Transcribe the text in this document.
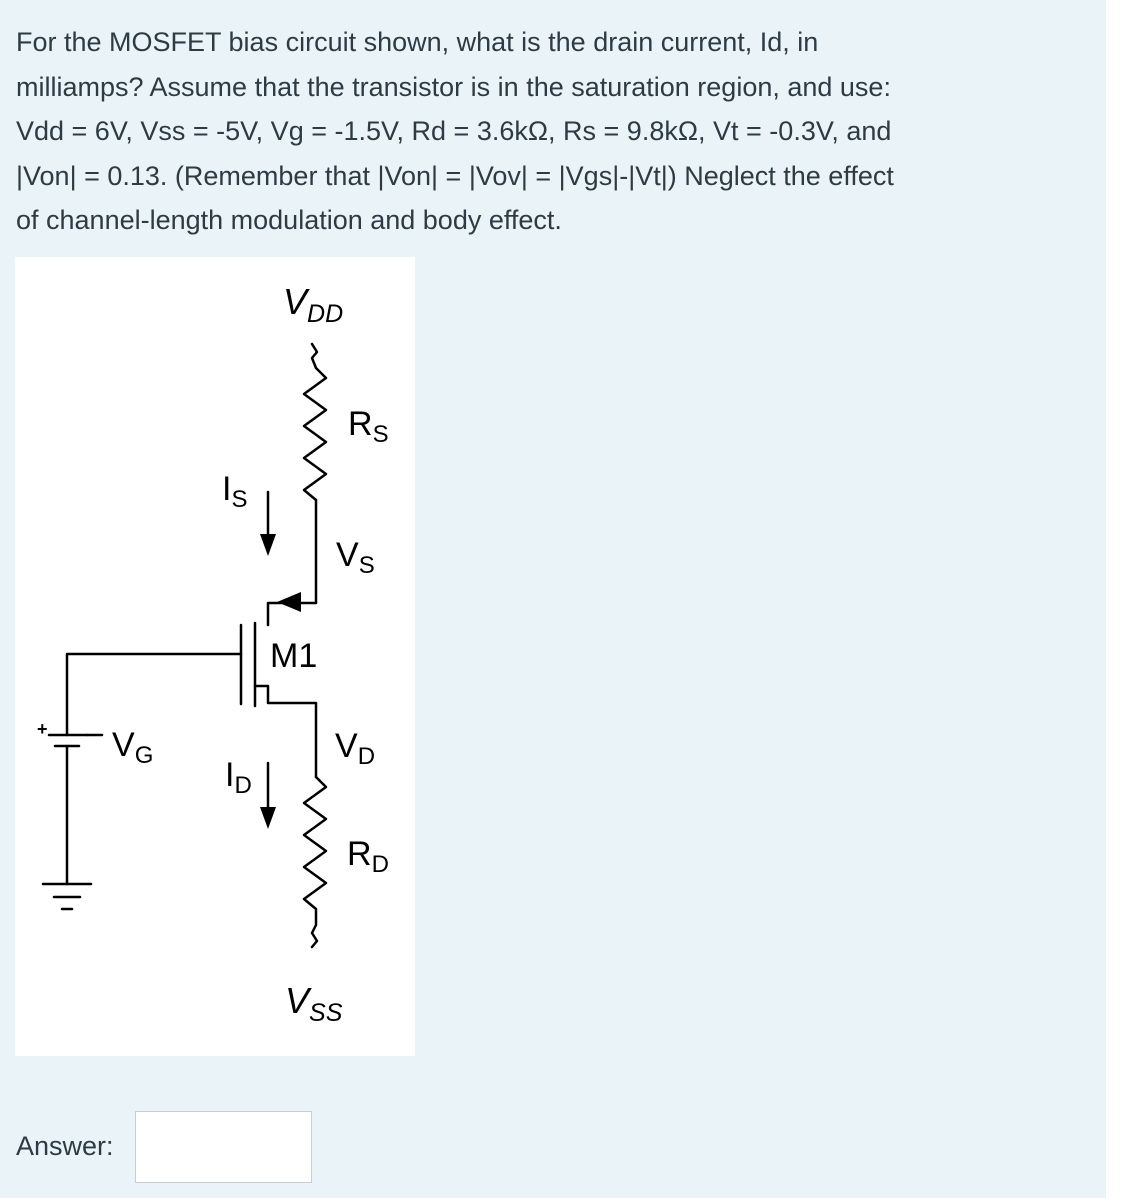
For the MOSFET bias circuit shown, what is the drain current, Id, in
milliamps? Assume that the transistor is in the saturation region, and use:
Vdd = 6V, Vss = -5V, Vg = -1.5V, Rd = 3.6kΩ, Rs = 9.8kΩ, Vt = -0.3V, and
|Von| = 0.13. (Remember that |Von| = |Vov| = |Vgs|-|Vt|) Neglect the effect
of channel-length modulation and body effect.
+
$V_{DD}$
$R_S$
$I_S$
$V_S$
M1
$V_G$
$I_D$
$V_D$
$R_D$
$V_{SS}$
Answer:
